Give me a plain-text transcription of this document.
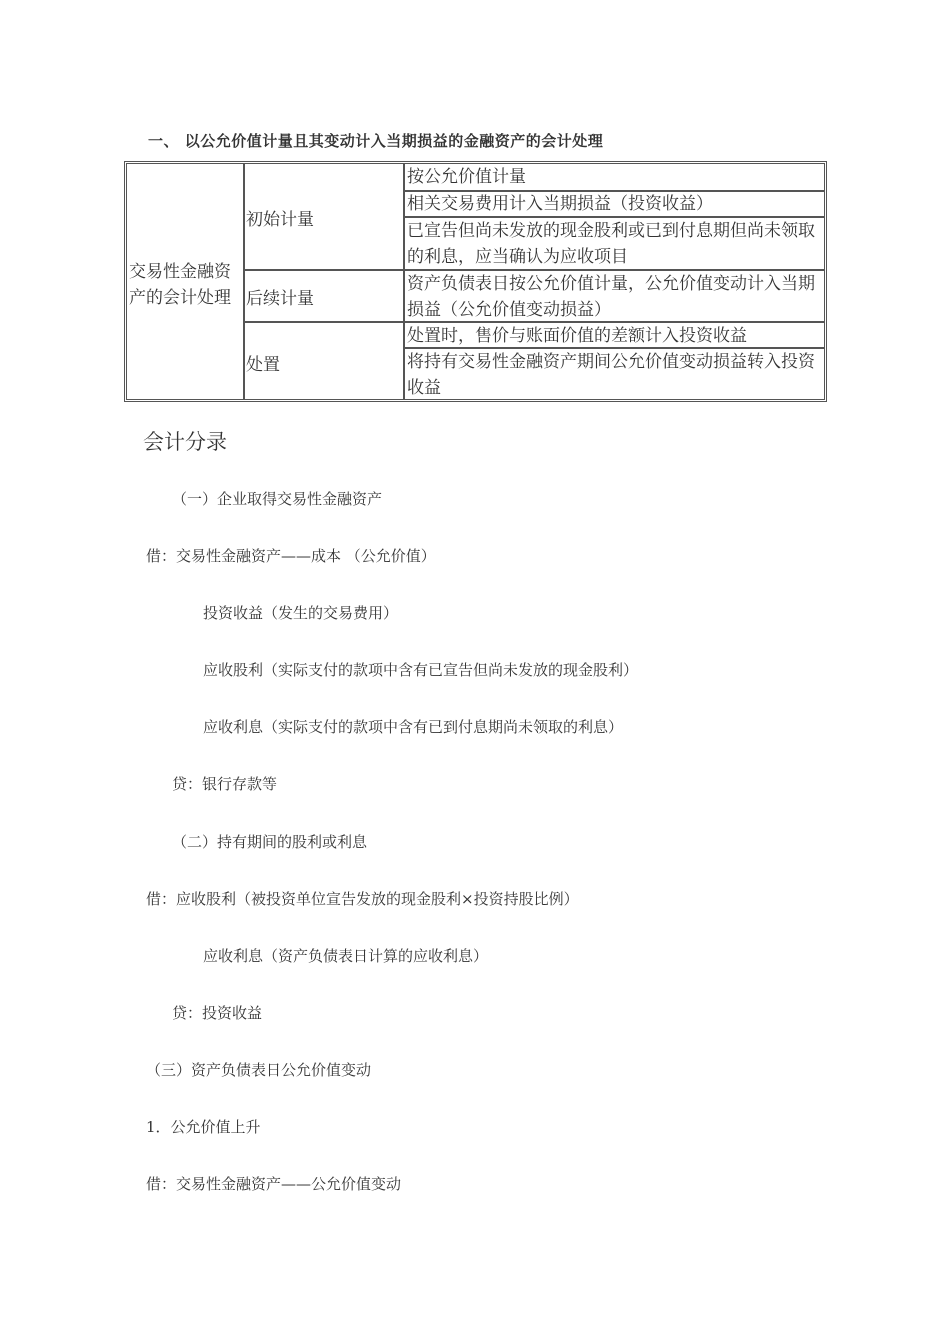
一、 以公允价值计量且其变动计入当期损益的金融资产的会计处理
交易性金融资产的会计处理
初始计量
后续计量
处置
按公允价值计量
相关交易费用计入当期损益（投资收益）
已宣告但尚未发放的现金股利或已到付息期但尚未领取的利息，应当确认为应收项目
资产负债表日按公允价值计量，公允价值变动计入当期损益（公允价值变动损益）
处置时，售价与账面价值的差额计入投资收益
将持有交易性金融资产期间公允价值变动损益转入投资收益
会计分录
（一）企业取得交易性金融资产
借：交易性金融资产——成本 （公允价值）
投资收益（发生的交易费用）
应收股利（实际支付的款项中含有已宣告但尚未发放的现金股利）
应收利息（实际支付的款项中含有已到付息期尚未领取的利息）
贷：银行存款等
（二）持有期间的股利或利息
借：应收股利（被投资单位宣告发放的现金股利×投资持股比例）
应收利息（资产负债表日计算的应收利息）
贷：投资收益
（三）资产负债表日公允价值变动
1．公允价值上升
借：交易性金融资产——公允价值变动
